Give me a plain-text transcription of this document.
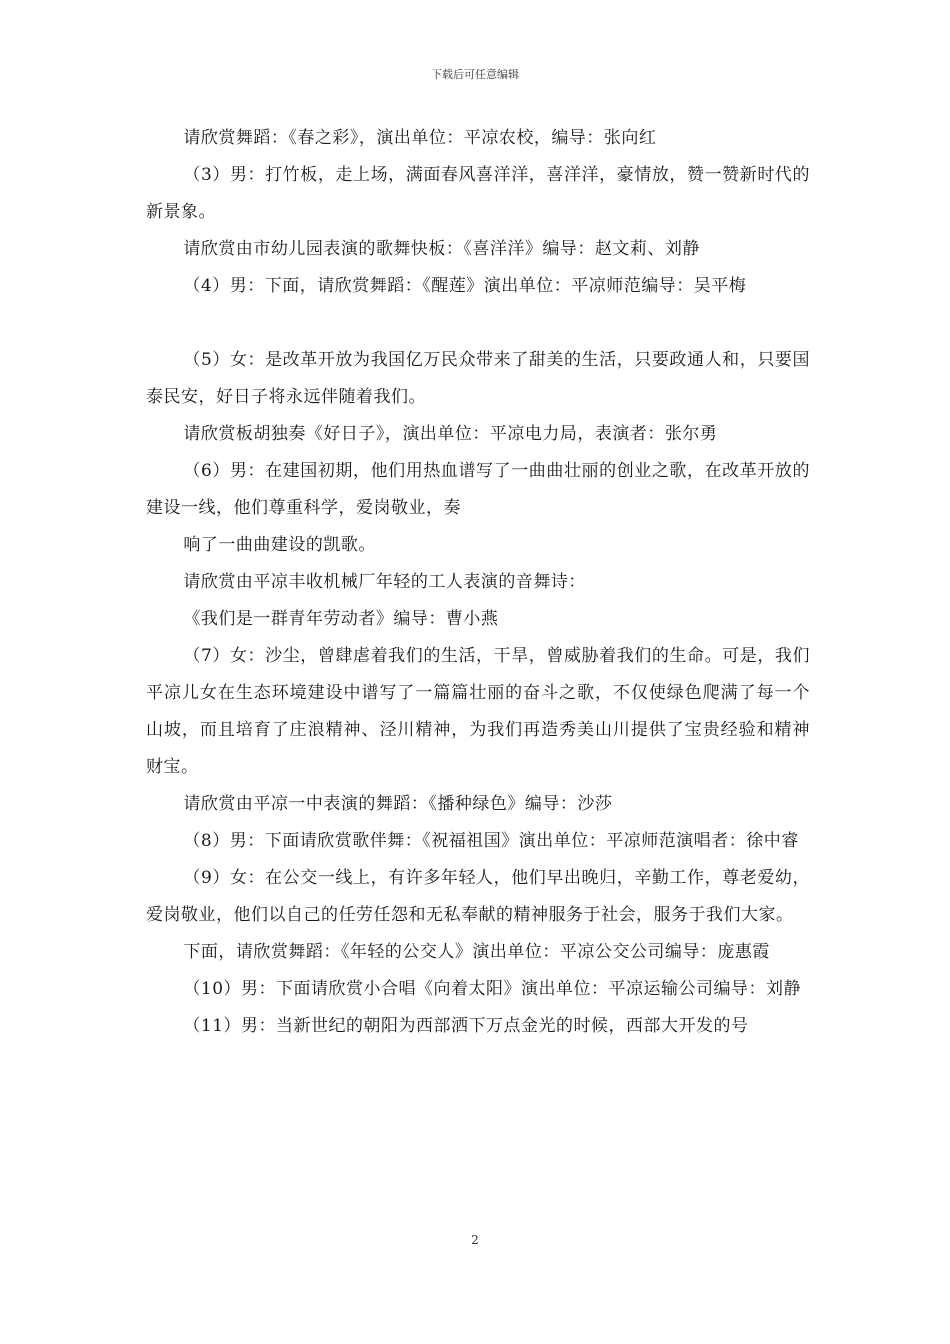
下载后可任意编辑

请欣赏舞蹈：《春之彩》，演出单位：平凉农校，编导：张向红

（3）男：打竹板，走上场，满面春风喜洋洋，喜洋洋，豪情放，赞一赞新时代的新景象。

请欣赏由市幼儿园表演的歌舞快板：《喜洋洋》编导：赵文莉、刘静

（4）男：下面，请欣赏舞蹈：《醒莲》演出单位：平凉师范编导：吴平梅

（5）女：是改革开放为我国亿万民众带来了甜美的生活，只要政通人和，只要国泰民安，好日子将永远伴随着我们。

请欣赏板胡独奏《好日子》，演出单位：平凉电力局，表演者：张尔勇

（6）男：在建国初期，他们用热血谱写了一曲曲壮丽的创业之歌，在改革开放的建设一线，他们尊重科学，爱岗敬业，奏

响了一曲曲建设的凯歌。

请欣赏由平凉丰收机械厂年轻的工人表演的音舞诗：

《我们是一群青年劳动者》编导：曹小燕

（7）女：沙尘，曾肆虐着我们的生活，干旱，曾威胁着我们的生命。可是，我们平凉儿女在生态环境建设中谱写了一篇篇壮丽的奋斗之歌，不仅使绿色爬满了每一个山坡，而且培育了庄浪精神、泾川精神，为我们再造秀美山川提供了宝贵经验和精神财宝。

请欣赏由平凉一中表演的舞蹈：《播种绿色》编导：沙莎

（8）男：下面请欣赏歌伴舞：《祝福祖国》演出单位：平凉师范演唱者：徐中睿

（9）女：在公交一线上，有许多年轻人，他们早出晚归，辛勤工作，尊老爱幼，爱岗敬业，他们以自己的任劳任怨和无私奉献的精神服务于社会，服务于我们大家。

下面，请欣赏舞蹈：《年轻的公交人》演出单位：平凉公交公司编导：庞惠霞

（10）男：下面请欣赏小合唱《向着太阳》演出单位：平凉运输公司编导：刘静

（11）男：当新世纪的朝阳为西部洒下万点金光的时候，西部大开发的号

2
